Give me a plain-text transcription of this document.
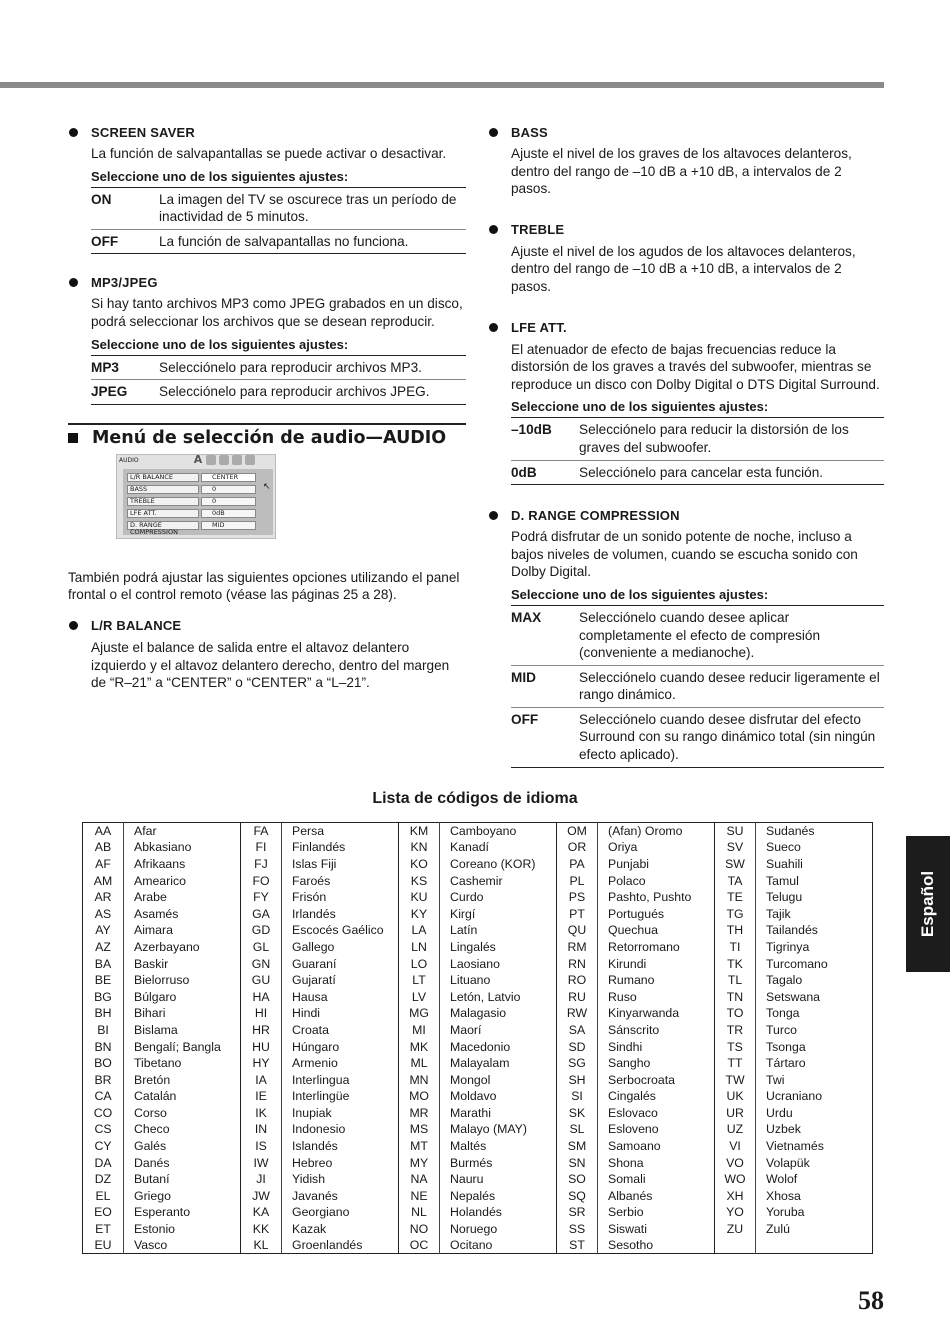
SCREEN SAVER
La función de salvapantallas se puede activar o desactivar.
Seleccione uno de los siguientes ajustes:
ON	La imagen del TV se oscurece tras un período de inactividad de 5 minutos.
OFF	La función de salvapantallas no funciona.
MP3/JPEG
Si hay tanto archivos MP3 como JPEG grabados en un disco, podrá seleccionar los archivos que se desean reproducir.
Seleccione uno de los siguientes ajustes:
MP3	Selecciónelo para reproducir archivos MP3.
JPEG	Selecciónelo para reproducir archivos JPEG.
Menú de selección de audio—AUDIO
AUDIO	A
L/R BALANCE	CENTER
BASS	0
TREBLE	0
LFE ATT.	0dB
D. RANGE COMPRESSION
MID
↖
También podrá ajustar las siguientes opciones utilizando el panel frontal o el control remoto (véase las páginas 25 a 28).
L/R BALANCE
Ajuste el balance de salida entre el altavoz delantero izquierdo y el altavoz delantero derecho, dentro del margen de “R–21” a “CENTER” o “CENTER” a “L–21”.
BASS
Ajuste el nivel de los graves de los altavoces delanteros, dentro del rango de –10 dB a +10 dB, a intervalos de 2 pasos.
TREBLE
Ajuste el nivel de los agudos de los altavoces delanteros, dentro del rango de –10 dB a +10 dB, a intervalos de 2 pasos.
LFE ATT.
El atenuador de efecto de bajas frecuencias reduce la distorsión de los graves a través del subwoofer, mientras se reproduce un disco con Dolby Digital o DTS Digital Surround.
Seleccione uno de los siguientes ajustes:
–10dB	Selecciónelo para reducir la distorsión de los graves del subwoofer.
0dB	Selecciónelo para cancelar esta función.
D. RANGE COMPRESSION
Podrá disfrutar de un sonido potente de noche, incluso a bajos niveles de volumen, cuando se escucha sonido con Dolby Digital.
Seleccione uno de los siguientes ajustes:
MAX	Selecciónelo cuando desee aplicar completamente el efecto de compresión (conveniente a medianoche).
MID	Selecciónelo cuando desee reducir ligeramente el rango dinámico.
OFF	Selecciónelo cuando desee disfrutar del efecto Surround con su rango dinámico total (sin ningún efecto aplicado).
Lista de códigos de idioma
AA	Afar	FA	Persa	KM	Camboyano	OM	(Afan) Oromo	SU	Sudanés
AB	Abkasiano	FI	Finlandés	KN	Kanadí	OR	Oriya	SV	Sueco
AF	Afrikaans	FJ	Islas Fiji	KO	Coreano (KOR)	PA	Punjabi	SW	Suahili
AM	Amearico	FO	Faroés	KS	Cashemir	PL	Polaco	TA	Tamul
AR	Arabe	FY	Frisón	KU	Curdo	PS	Pashto, Pushto	TE	Telugu
AS	Asamés	GA	Irlandés	KY	Kirgí	PT	Portugués	TG	Tajik
AY	Aimara	GD	Escocés Gaélico	LA	Latín	QU	Quechua	TH	Tailandés
AZ	Azerbayano	GL	Gallego	LN	Lingalés	RM	Retorromano	TI	Tigrinya
BA	Baskir	GN	Guaraní	LO	Laosiano	RN	Kirundi	TK	Turcomano
BE	Bielorruso	GU	Gujaratí	LT	Lituano	RO	Rumano	TL	Tagalo
BG	Búlgaro	HA	Hausa	LV	Letón, Latvio	RU	Ruso	TN	Setswana
BH	Bihari	HI	Hindi	MG	Malagasio	RW	Kinyarwanda	TO	Tonga
BI	Bislama	HR	Croata	MI	Maorí	SA	Sánscrito	TR	Turco
BN	Bengalí; Bangla	HU	Húngaro	MK	Macedonio	SD	Sindhi	TS	Tsonga
BO	Tibetano	HY	Armenio	ML	Malayalam	SG	Sangho	TT	Tártaro
BR	Bretón	IA	Interlingua	MN	Mongol	SH	Serbocroata	TW	Twi
CA	Catalán	IE	Interlingüe	MO	Moldavo	SI	Cingalés	UK	Ucraniano
CO	Corso	IK	Inupiak	MR	Marathi	SK	Eslovaco	UR	Urdu
CS	Checo	IN	Indonesio	MS	Malayo (MAY)	SL	Esloveno	UZ	Uzbek
CY	Galés	IS	Islandés	MT	Maltés	SM	Samoano	VI	Vietnamés
DA	Danés	IW	Hebreo	MY	Burmés	SN	Shona	VO	Volapük
DZ	Butaní	JI	Yidish	NA	Nauru	SO	Somali	WO	Wolof
EL	Griego	JW	Javanés	NE	Nepalés	SQ	Albanés	XH	Xhosa
EO	Esperanto	KA	Georgiano	NL	Holandés	SR	Serbio	YO	Yoruba
ET	Estonio	KK	Kazak	NO	Noruego	SS	Siswati	ZU	Zulú
EU	Vasco	KL	Groenlandés	OC	Ocitano	ST	Sesotho		
Español
58
